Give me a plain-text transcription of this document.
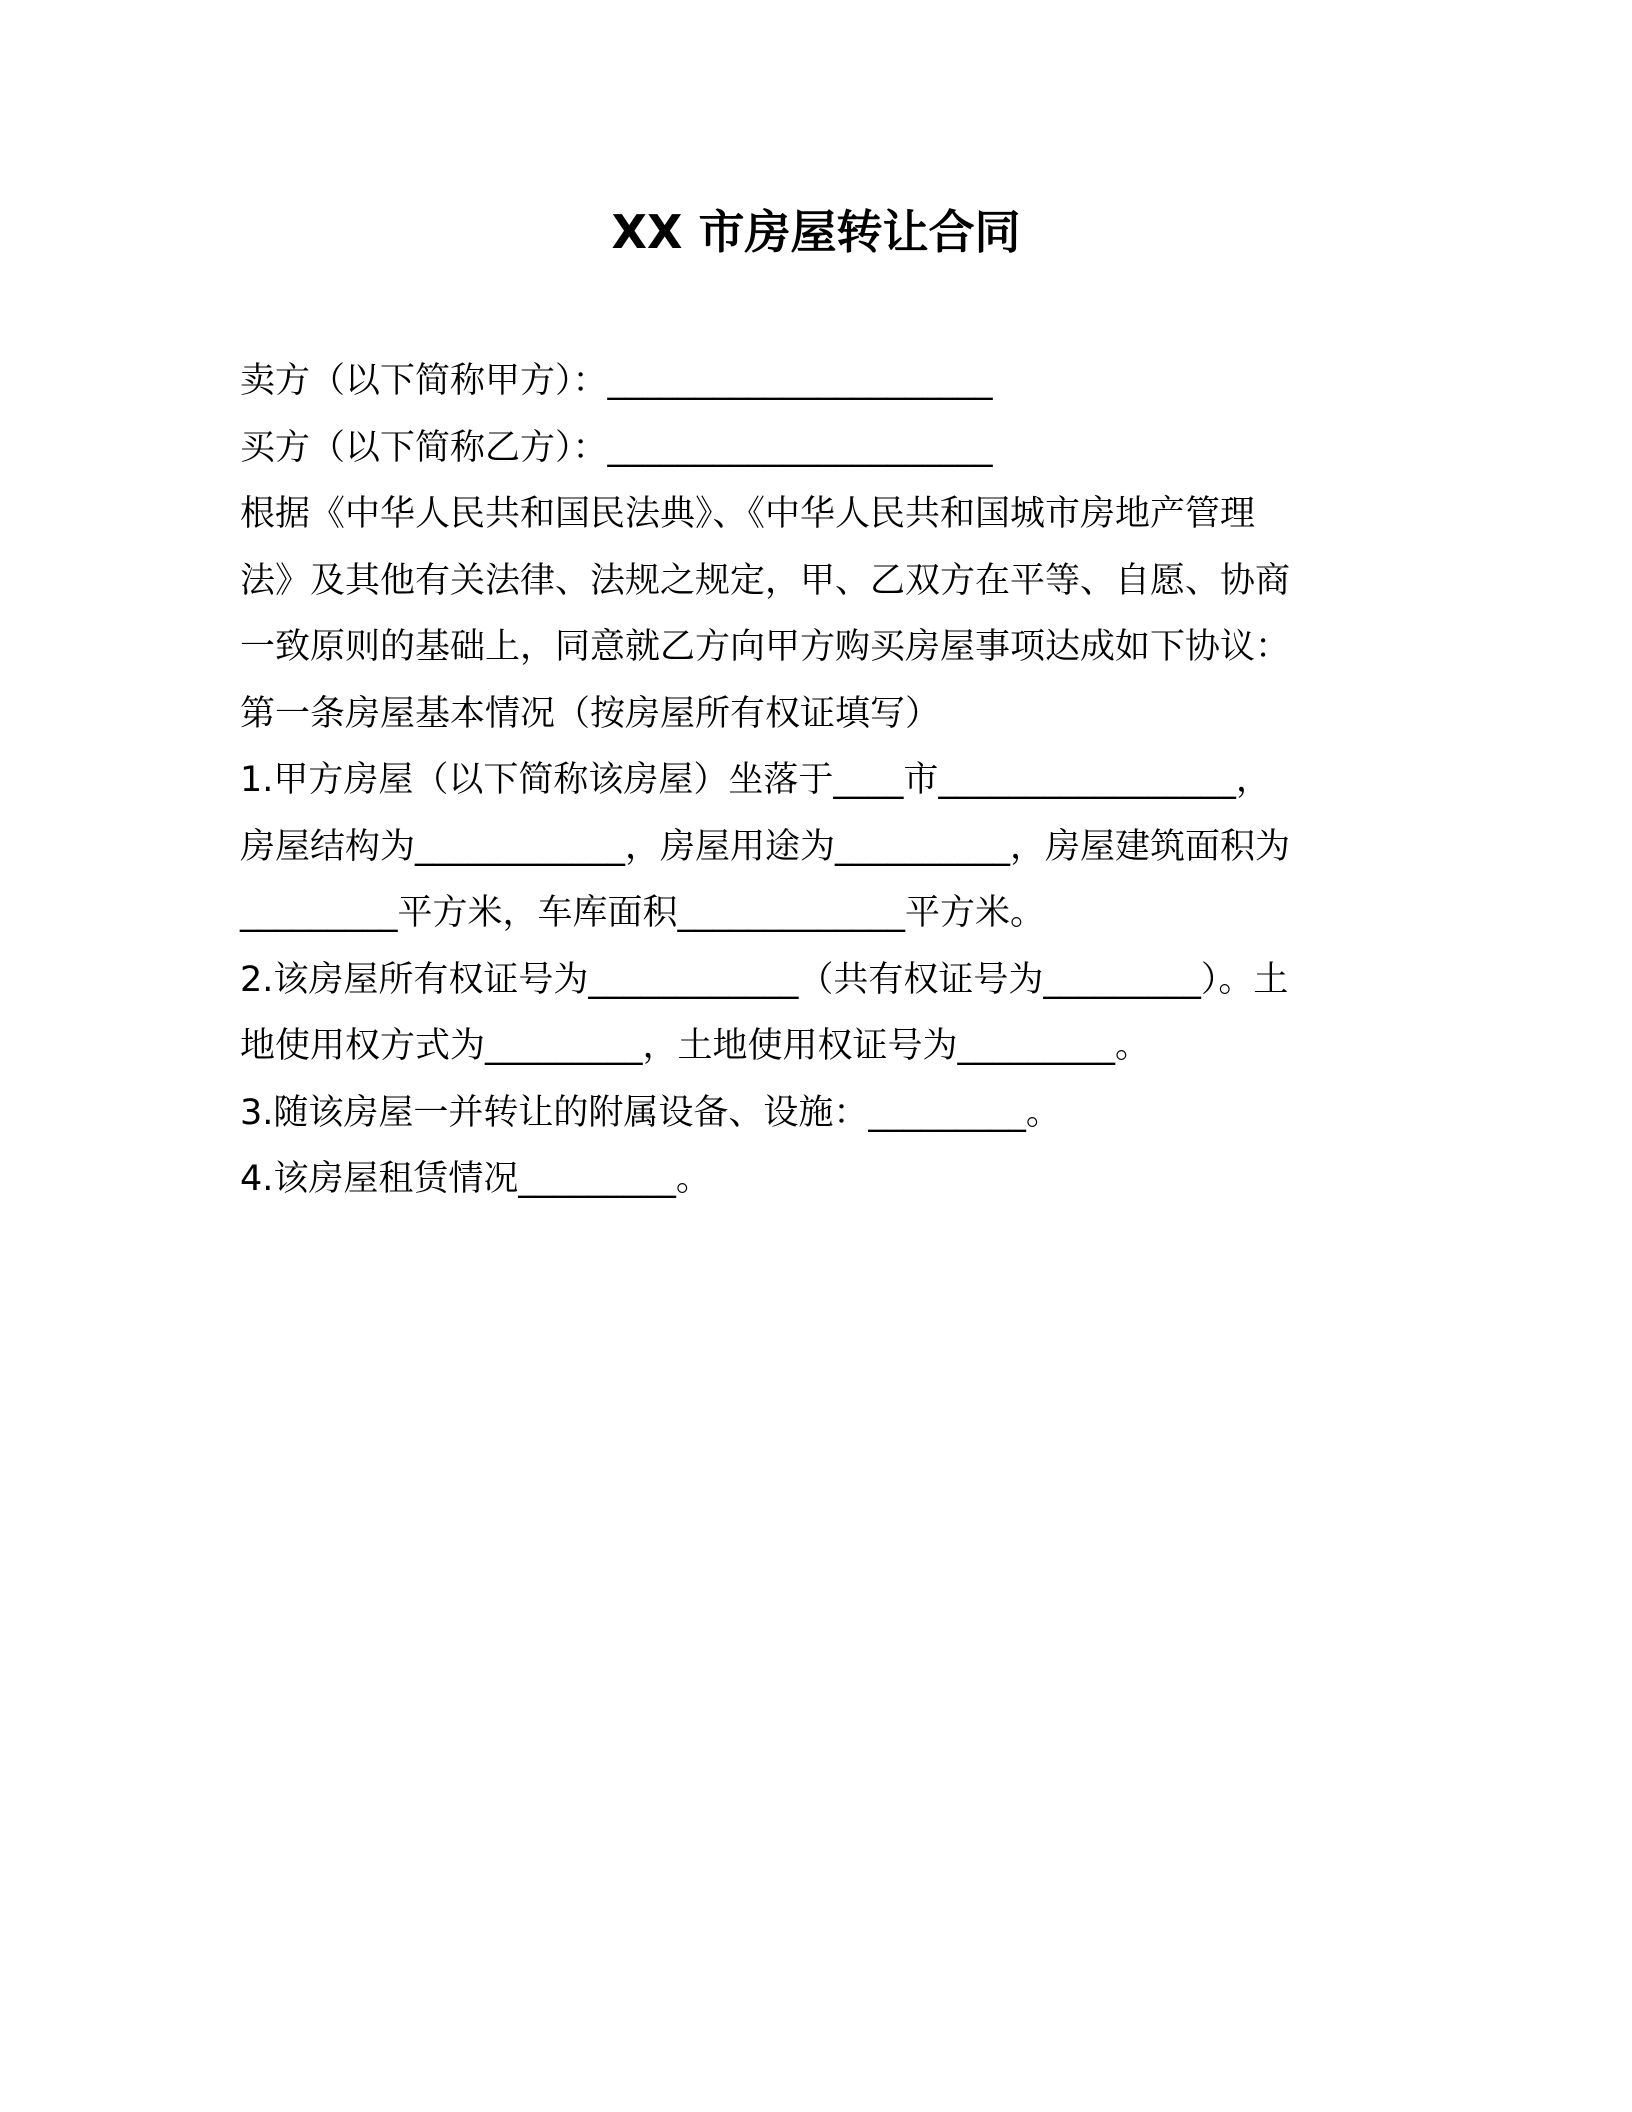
XX 市房屋转让合同

卖方（以下简称甲方）：______________________

买方（以下简称乙方）：______________________

根据《中华人民共和国民法典》、《中华人民共和国城市房地产管理

法》及其他有关法律、法规之规定，甲、乙双方在平等、自愿、协商

一致原则的基础上，同意就乙方向甲方购买房屋事项达成如下协议：

第一条房屋基本情况（按房屋所有权证填写）

1.甲方房屋（以下简称该房屋）坐落于____市_________________，

房屋结构为____________，房屋用途为__________，房屋建筑面积为

_________平方米，车库面积_____________平方米。

2.该房屋所有权证号为____________（共有权证号为_________）。土

地使用权方式为_________，土地使用权证号为_________。

3.随该房屋一并转让的附属设备、设施：_________。

4.该房屋租赁情况_________。
